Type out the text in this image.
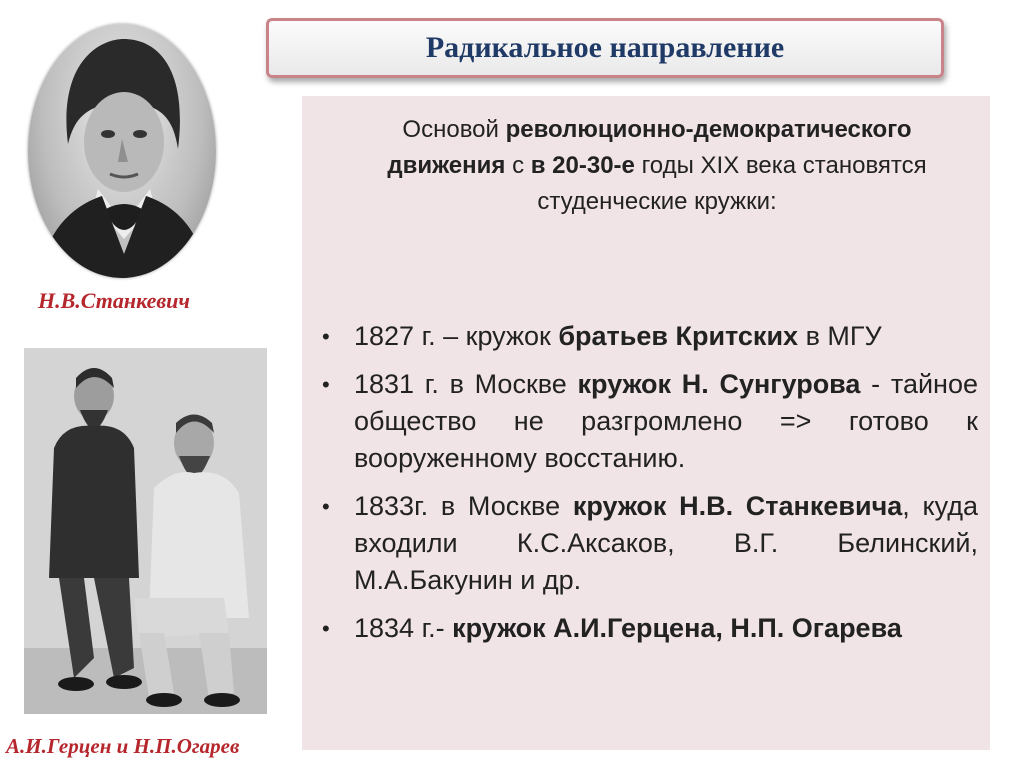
Радикальное направление
Н.В.Станкевич
А.И.Герцен и Н.П.Огарев

Основой революционно-демократического движения с в 20-30-е годы XIX века становятся студенческие кружки:

• 1827 г. – кружок братьев Критских в МГУ
• 1831 г. в Москве кружок Н. Сунгурова - тайное общество не разгромлено => готово к вооруженному восстанию.
• 1833г. в Москве кружок Н.В. Станкевича, куда входили К.С.Аксаков, В.Г. Белинский, М.А.Бакунин и др.
• 1834 г.- кружок А.И.Герцена, Н.П. Огарева
